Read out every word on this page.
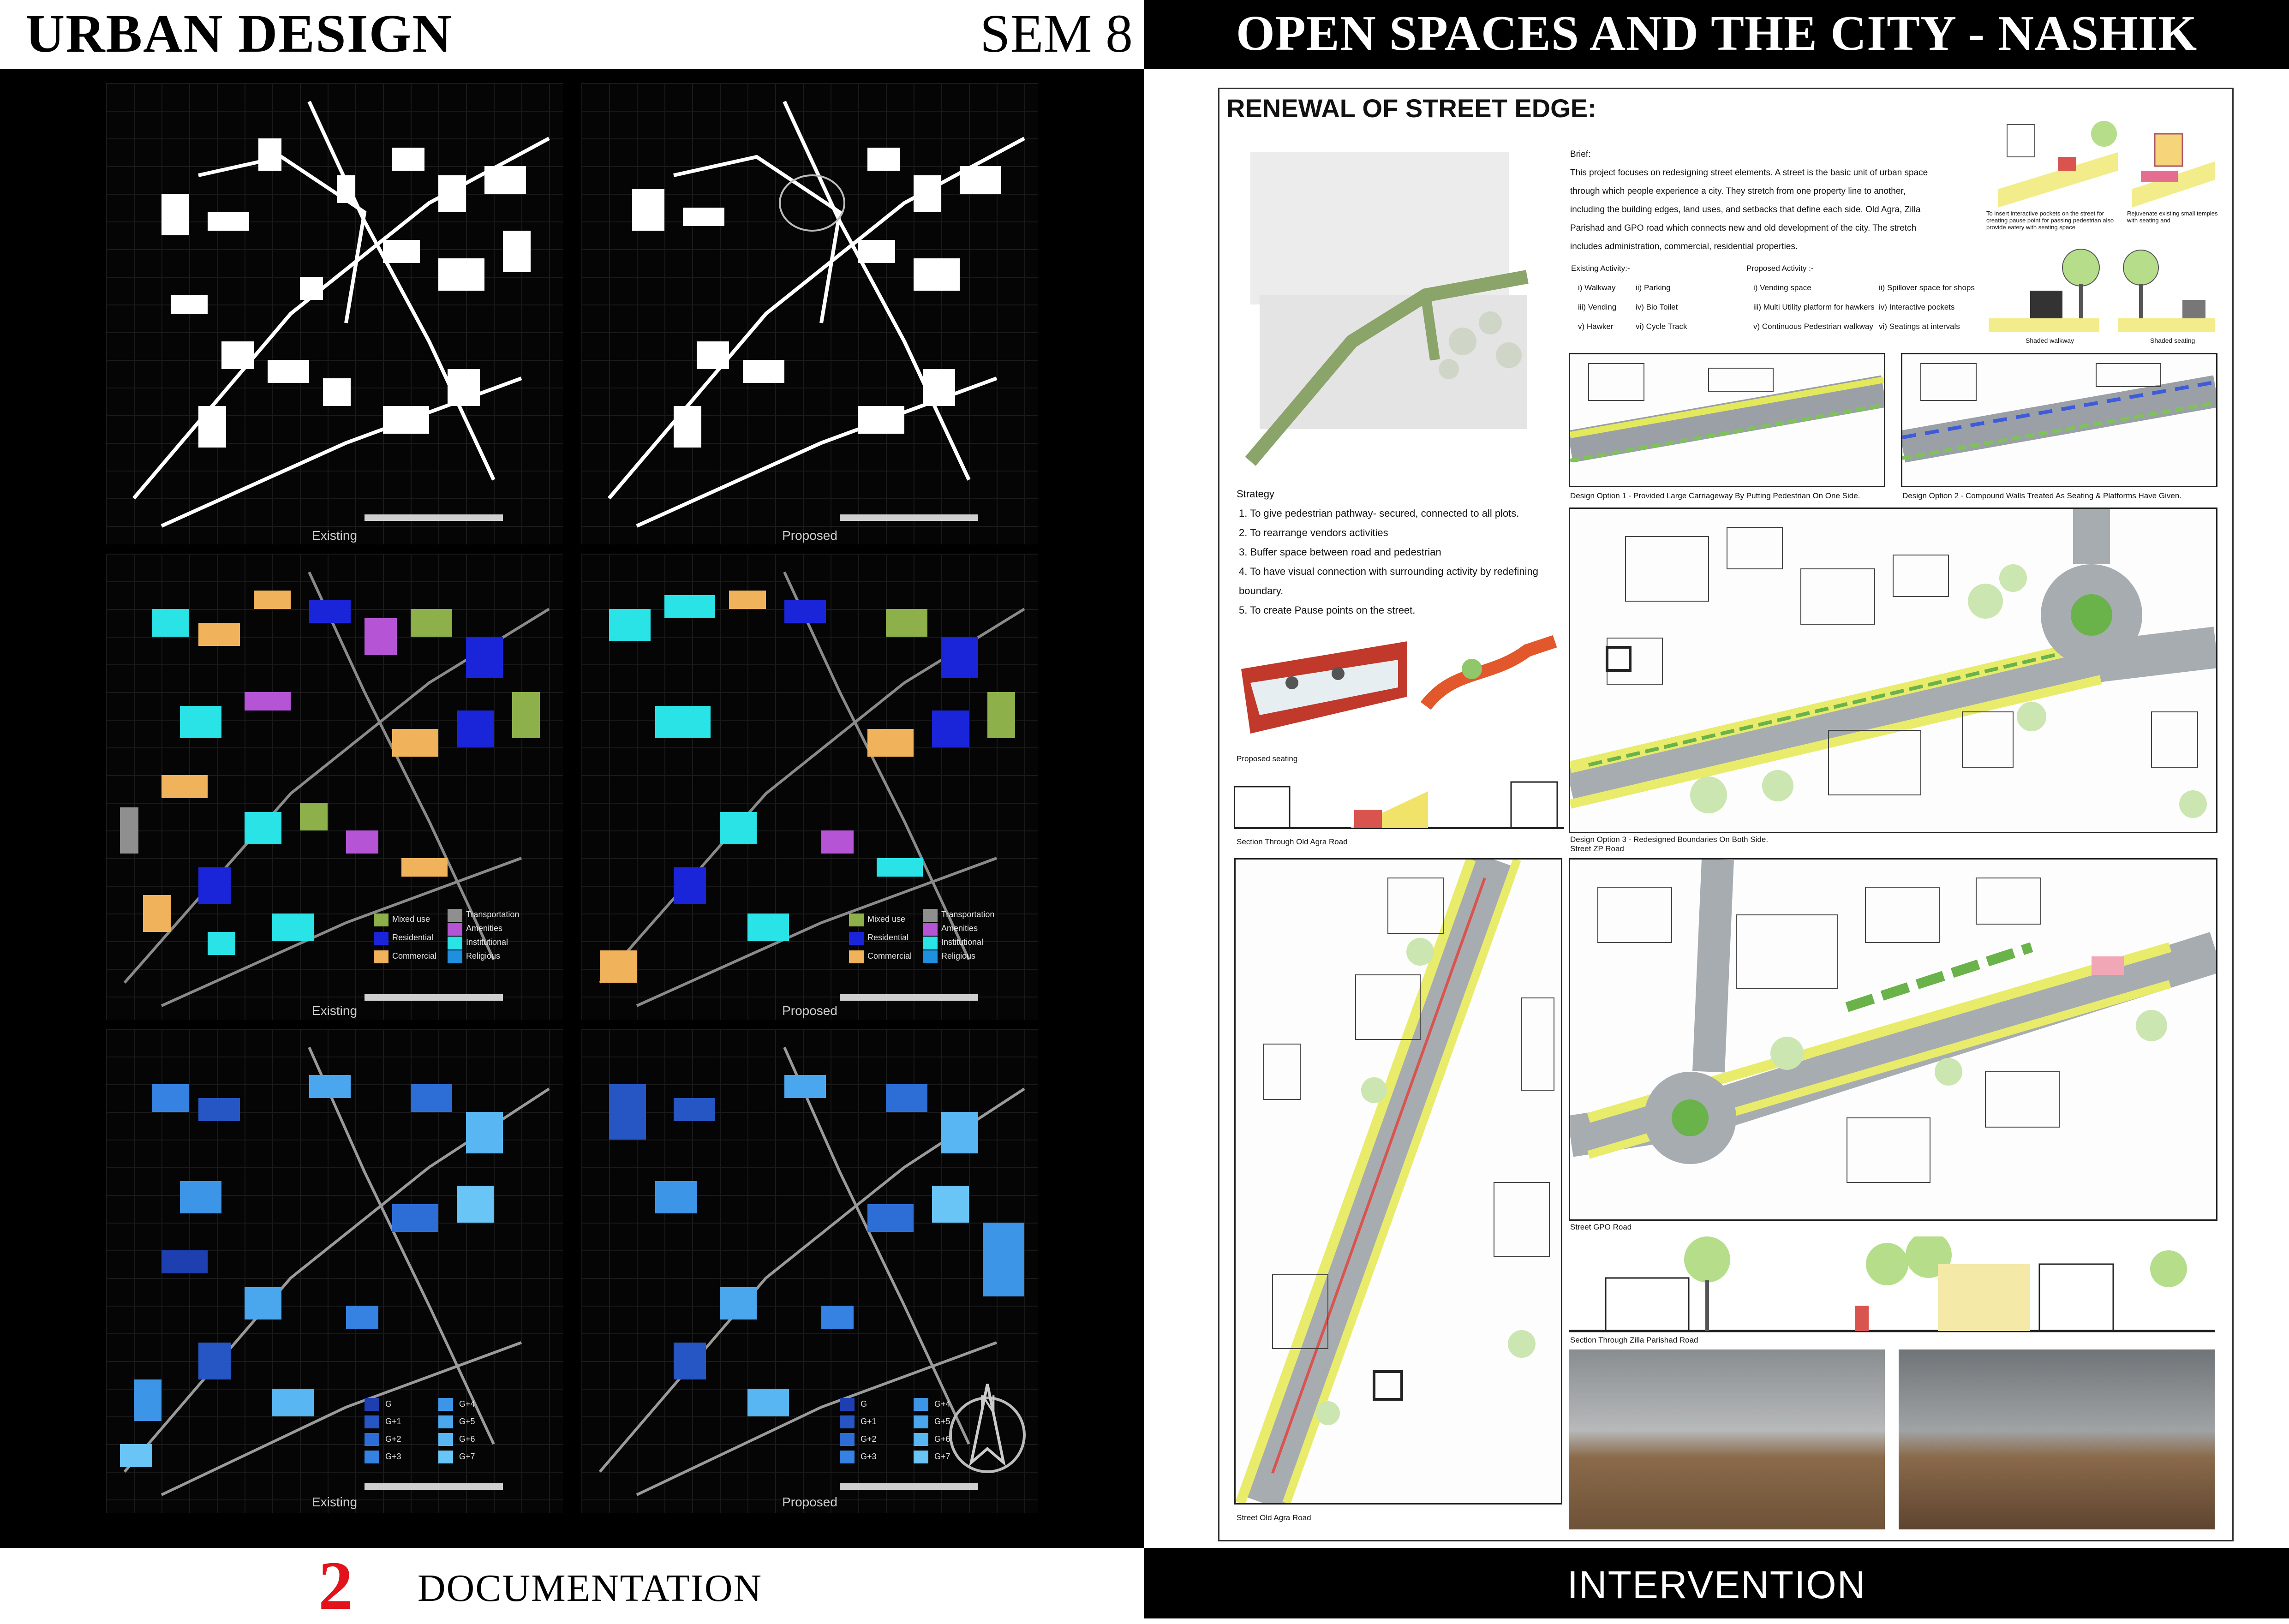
URBAN DESIGN	SEM 8
Existing	Proposed
Mixed use
Residential
Commercial
Transportation
Amenities
Institutional
Religious
Existing
Mixed use
Residential
Commercial
Transportation
Amenities
Institutional
Religious
Proposed
G
G+1
G+2
G+3
G+4
G+5
G+6
G+7
Existing
N
G
G+1
G+2
G+3
G+4
G+5
G+6
G+7
Proposed
2 DOCUMENTATION
OPEN SPACES AND THE CITY - NASHIK
RENEWAL OF STREET EDGE:
Brief:
This project focuses on redesigning street elements. A street is the basic unit of urban space
through which people experience a city. They stretch from one property line to another,
including the building edges, land uses, and setbacks that define each side. Old Agra, Zilla
Parishad and GPO road which connects new and old development of the city. The stretch
includes administration, commercial, residential properties.
Existing Activity:-
i) Walkway	ii) Parking
iii) Vending iv) Bio Toilet
v) Hawker	vi) Cycle Track
Proposed Activity :-
i) Vending space	ii) Spillover space for shops
iii) Multi Utility platform for hawkers iv) Interactive pockets
v) Continuous Pedestrian walkway vi) Seatings at intervals
To insert interactive pockets on the street for creating pause point for passing pedestrian also provide eatery with seating space
Rejuvenate existing small temples with seating and
Shaded walkway	Shaded seating
Strategy
1. To give pedestrian pathway- secured, connected to all plots.
2. To rearrange vendors activities
3. Buffer space between road and pedestrian
4. To have visual connection with surrounding activity by redefining
boundary.
5. To create Pause points on the street.
Proposed seating
Section Through Old Agra Road
Design Option 1 - Provided Large Carriageway By Putting Pedestrian On One Side.	Design Option 2 - Compound Walls Treated As Seating & Platforms Have Given.
Design Option 3 - Redesigned Boundaries On Both Side.
Street ZP Road
Street Old Agra Road
Street GPO Road
Section Through Zilla Parishad Road
INTERVENTION
